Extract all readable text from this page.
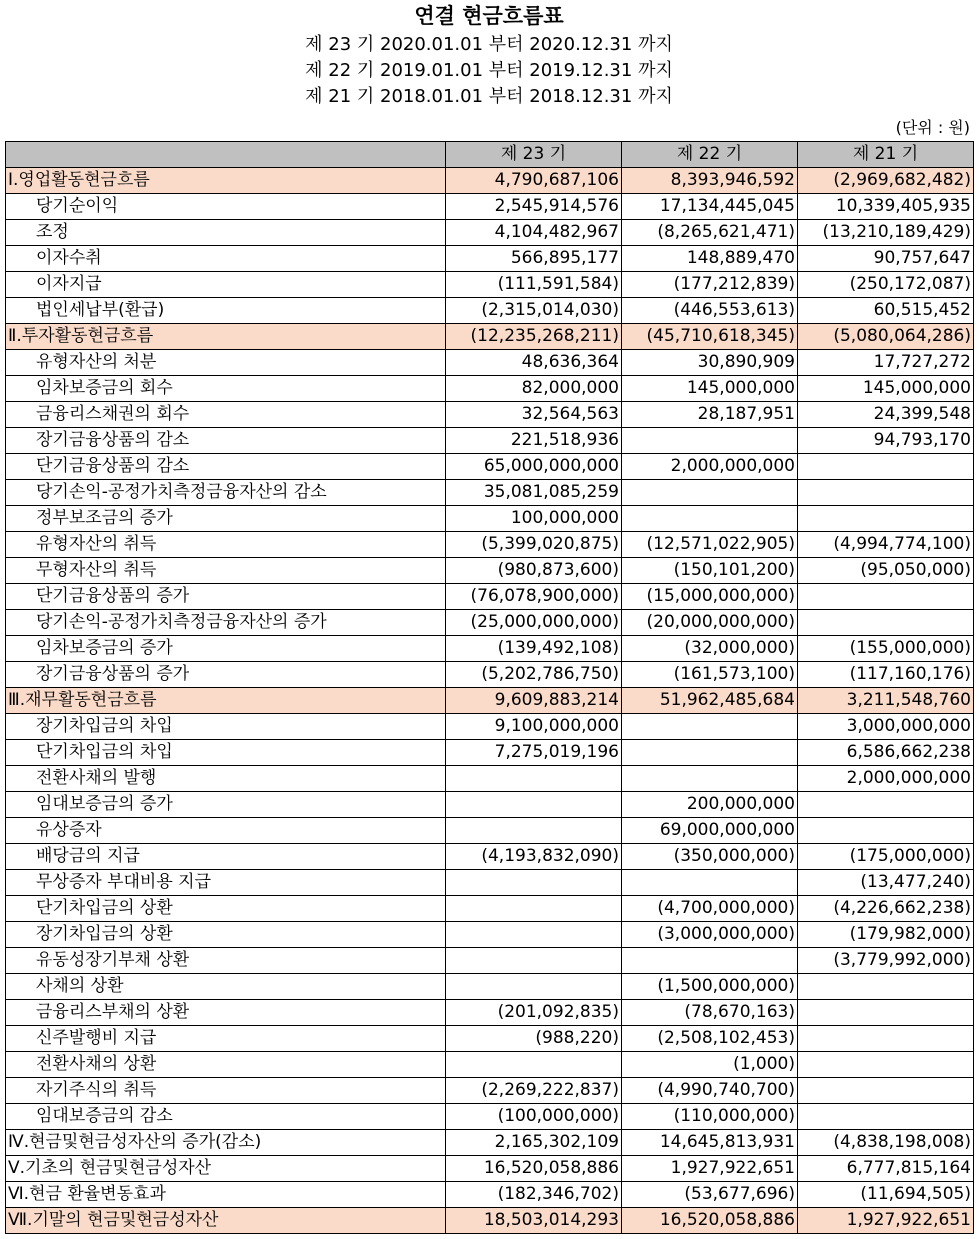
연결 현금흐름표
제 23 기 2020.01.01 부터 2020.12.31 까지
제 22 기 2019.01.01 부터 2019.12.31 까지
제 21 기 2018.01.01 부터 2018.12.31 까지
(단위 : 원)
	제 23 기	제 22 기	제 21 기
Ⅰ.영업활동현금흐름	4,790,687,106	8,393,946,592	(2,969,682,482)
당기순이익	2,545,914,576	17,134,445,045	10,339,405,935
조정	4,104,482,967	(8,265,621,471)	(13,210,189,429)
이자수취	566,895,177	148,889,470	90,757,647
이자지급	(111,591,584)	(177,212,839)	(250,172,087)
법인세납부(환급)	(2,315,014,030)	(446,553,613)	60,515,452
Ⅱ.투자활동현금흐름	(12,235,268,211)	(45,710,618,345)	(5,080,064,286)
유형자산의 처분	48,636,364	30,890,909	17,727,272
임차보증금의 회수	82,000,000	145,000,000	145,000,000
금융리스채권의 회수	32,564,563	28,187,951	24,399,548
장기금융상품의 감소	221,518,936		94,793,170
단기금융상품의 감소	65,000,000,000	2,000,000,000	
당기손익-공정가치측정금융자산의 감소	35,081,085,259		
정부보조금의 증가	100,000,000		
유형자산의 취득	(5,399,020,875)	(12,571,022,905)	(4,994,774,100)
무형자산의 취득	(980,873,600)	(150,101,200)	(95,050,000)
단기금융상품의 증가	(76,078,900,000)	(15,000,000,000)	
당기손익-공정가치측정금융자산의 증가	(25,000,000,000)	(20,000,000,000)	
임차보증금의 증가	(139,492,108)	(32,000,000)	(155,000,000)
장기금융상품의 증가	(5,202,786,750)	(161,573,100)	(117,160,176)
Ⅲ.재무활동현금흐름	9,609,883,214	51,962,485,684	3,211,548,760
장기차입금의 차입	9,100,000,000		3,000,000,000
단기차입금의 차입	7,275,019,196		6,586,662,238
전환사채의 발행			2,000,000,000
임대보증금의 증가		200,000,000	
유상증자		69,000,000,000	
배당금의 지급	(4,193,832,090)	(350,000,000)	(175,000,000)
무상증자 부대비용 지급			(13,477,240)
단기차입금의 상환		(4,700,000,000)	(4,226,662,238)
장기차입금의 상환		(3,000,000,000)	(179,982,000)
유동성장기부채 상환			(3,779,992,000)
사채의 상환		(1,500,000,000)	
금융리스부채의 상환	(201,092,835)	(78,670,163)	
신주발행비 지급	(988,220)	(2,508,102,453)	
전환사채의 상환		(1,000)	
자기주식의 취득	(2,269,222,837)	(4,990,740,700)	
임대보증금의 감소	(100,000,000)	(110,000,000)	
Ⅳ.현금및현금성자산의 증가(감소)	2,165,302,109	14,645,813,931	(4,838,198,008)
Ⅴ.기초의 현금및현금성자산	16,520,058,886	1,927,922,651	6,777,815,164
Ⅵ.현금 환율변동효과	(182,346,702)	(53,677,696)	(11,694,505)
Ⅶ.기말의 현금및현금성자산	18,503,014,293	16,520,058,886	1,927,922,651
